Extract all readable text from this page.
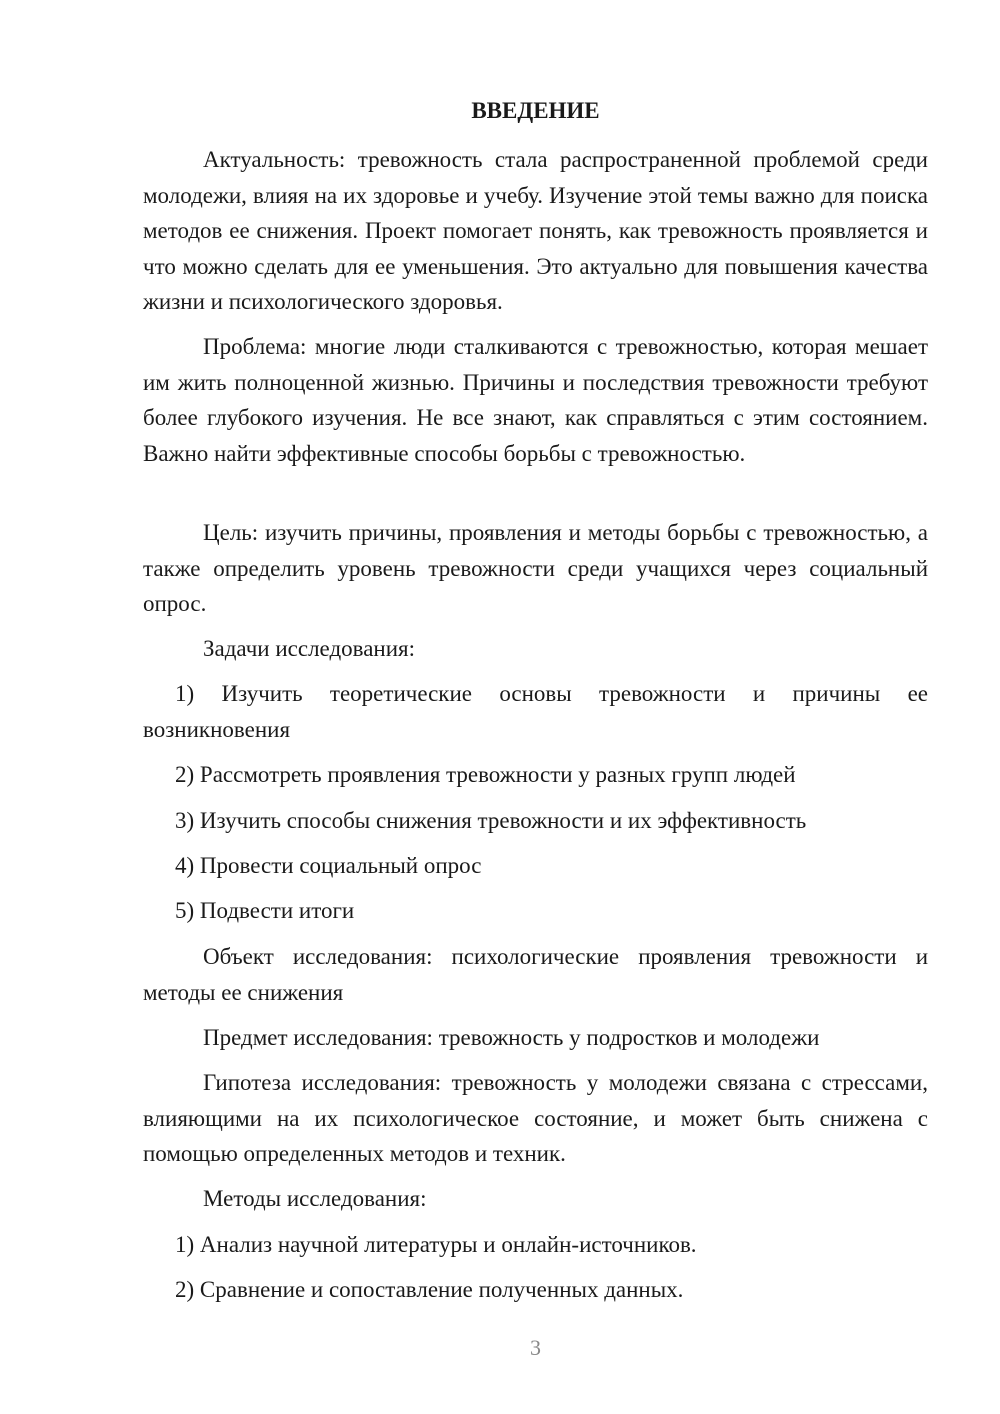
ВВЕДЕНИЕ

Актуальность: тревожность стала распространенной проблемой среди молодежи, влияя на их здоровье и учебу. Изучение этой темы важно для поиска методов ее снижения. Проект помогает понять, как тревожность проявляется и что можно сделать для ее уменьшения. Это актуально для повышения качества жизни и психологического здоровья.

Проблема: многие люди сталкиваются с тревожностью, которая мешает им жить полноценной жизнью. Причины и последствия тревожности требуют более глубокого изучения. Не все знают, как справляться с этим состоянием. Важно найти эффективные способы борьбы с тревожностью.

Цель: изучить причины, проявления и методы борьбы с тревожностью, а также определить уровень тревожности среди учащихся через социальный опрос.

Задачи исследования:

1) Изучить теоретические основы тревожности и причины ее возникновения

2) Рассмотреть проявления тревожности у разных групп людей

3) Изучить способы снижения тревожности и их эффективность

4) Провести социальный опрос

5) Подвести итоги

Объект исследования: психологические проявления тревожности и методы ее снижения

Предмет исследования: тревожность у подростков и молодежи

Гипотеза исследования: тревожность у молодежи связана с стрессами, влияющими на их психологическое состояние, и может быть снижена с помощью определенных методов и техник.

Методы исследования:

1) Анализ научной литературы и онлайн-источников.

2) Сравнение и сопоставление полученных данных.

3
